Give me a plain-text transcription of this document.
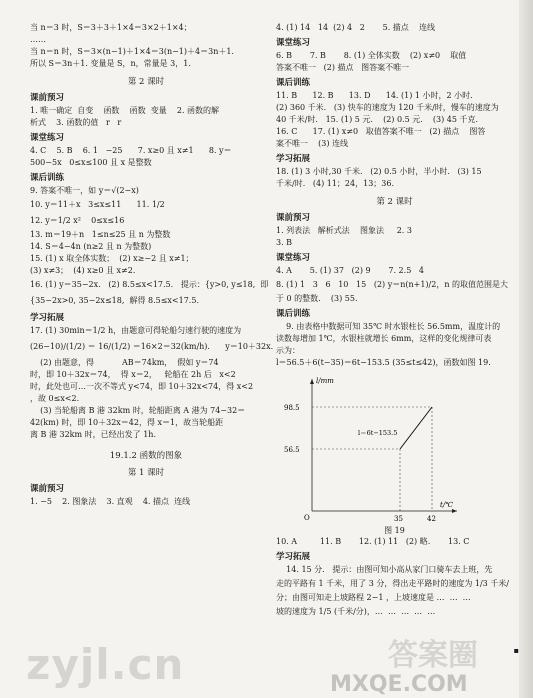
当 n＝3 时，S＝3＋3＋1×4＝3×2＋1×4；

……

当 n＝n 时，S＝3×(n−1)＋1×4＝3(n−1)＋4＝3n＋1.

所以 S＝3n＋1. 变量是 S，n，常量是 3，1.

第 2 课时
课前预习

1. 唯一确定  自变    函数    函数  变量    2. 函数的解

析式    3. 函数的值   r   r

课堂练习

4. C    5. B    6. 1   −25      7. x≥0 且 x≠1      8. y＝

500−5x   0≤x≤100 且 x 是整数

课后训练

9. 答案不唯一，如 y＝√(2−x)

10. y＝11＋x   3≤x≤11      11. 1/2

12. y＝1/2 x²    0≤x≤16

13. m＝19＋n   1≤n≤25 且 n 为整数

14. S＝4−4n (n≥2 且 n 为整数)

15. (1) x 取全体实数；  (2) x≥−2 且 x≠1；

(3) x≠3；  (4) x≥0 且 x≠2.

16. (1) y＝35−2x.   (2) 8.5≤x<17.5.   提示：{y>0, y≤18,  即

{35−2x>0, 35−2x≤18,  解得 8.5≤x<17.5.

学习拓展

17. (1) 30min＝1/2 h，由题意可得轮船匀速行驶的速度为

(26−10)/(1/2) ＝ 16/(1/2) ＝16×2＝32(km/h).      y＝10＋32x.

(2) 由题意，得           AB＝74km，  假如 y＝74

时，即 10＋32x＝74，  得 x＝2，   轮船在 2h 后   x<2

时，此处也可…一次不等式 y<74，即 10＋32x<74，得 x<2

，故 0≤x<2.

(3) 当轮船离 B 港 32km 时，轮船距离 A 港为 74−32＝

42(km) 时，即 10＋32x＝42，得 x＝1，故当轮船距

离 B 港 32km 时，已经出发了 1h.

19.1.2 函数的图象
第 1 课时
课前预习

1. −5    2. 图象法    3. 直观    4. 描点  连线

4. (1) 14   14  (2) 4   2       5. 描点    连线

课堂练习

6. B       7. B       8. (1) 全体实数    (2) x≠0    取值

答案不唯一   (2) 描点   图答案不唯一

课后训练

11. B      12. B      13. D      14. (1) 1 小时，2 小时.

(2) 360 千米.   (3) 快车的速度为 120 千米/时，慢车的速度为

40 千米/时.   15. (1) 5 元.    (2) 0.5 元.    (3) 45 千克.

16. C      17. (1) x≠0   取值答案不唯一   (2) 描点    图答

案不唯一    (3) 连线

学习拓展

18. (1) 3 小时,30 千米.   (2) 0.5 小时，半小时.   (3) 15

千米/时.   (4) 11；24，13；36.

第 2 课时
课前预习

1. 列表法   解析式法    图象法     2. 3

3. B

课堂练习

4. A       5. (1) 37   (2) 9       7. 2.5   4

8. (1) 1   3   6   10   15   (2) y＝n(n+1)/2，n 的取值范围是大

于 0 的整数.    (3) 55.

课后训练

9. 由表格中数据可知 35℃ 时水银柱长 56.5mm，温度计的

读数每增加 1℃，水银柱就增长 6mm，这样的变化规律可表

示为：

l＝56.5＋6(t−35)＝6t−153.5 (35≤t≤42)，函数如图 19.

98.5
56.5
35	42
O
l/mm
t/℃
l＝6t−153.5
图 19

10. A         11. B       12. (1) 11   (2) 略.       13. C

学习拓展

14. 15 分.   提示：由图可知小高从家门口骑车去上班，先

走的平路有 1 千米，用了 3 分，得出走平路时的速度为 1/3 千米/

分；由图可知走上坡路程 2−1 ，上坡速度是 …  …  …

坡的速度为 1/5 (千米/分)，…  …  …  …  …

▪
zyjl.cn	答案圈
MXQE.COM
